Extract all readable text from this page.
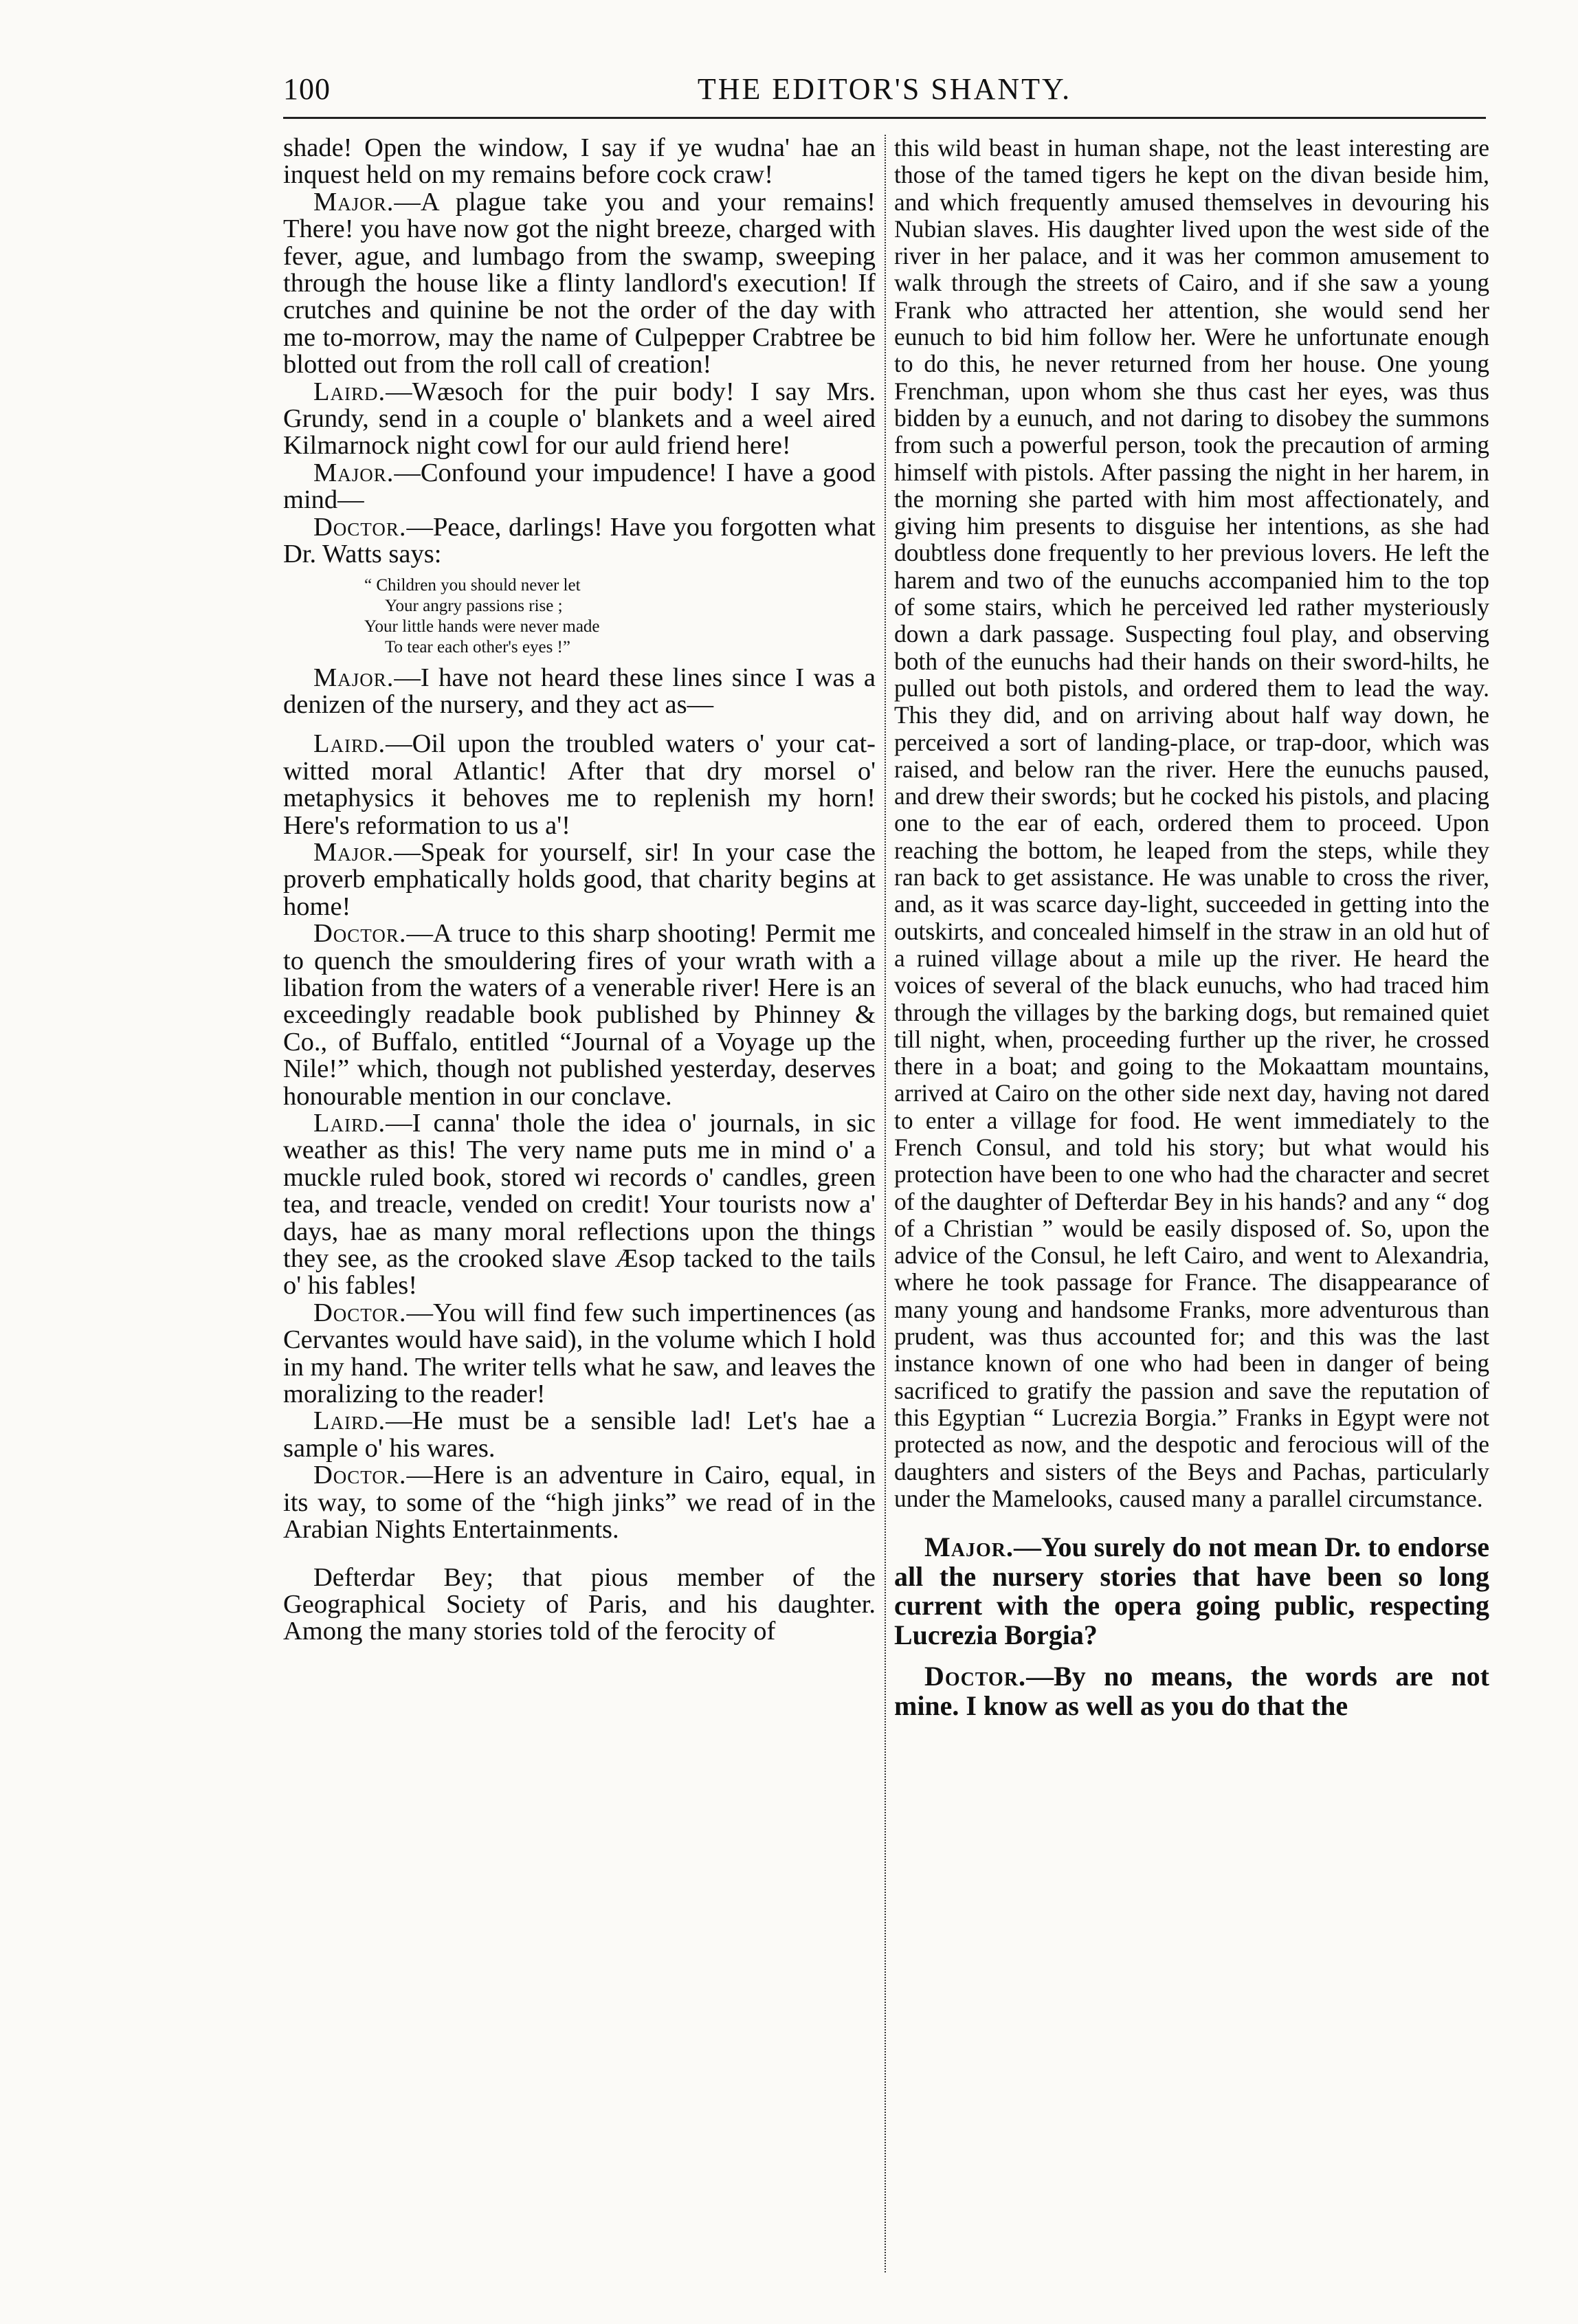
100	THE EDITOR'S SHANTY.

shade! Open the window, I say if ye wudna' hae an inquest held on my remains before cock craw!

Major.—A plague take you and your remains! There! you have now got the night breeze, charged with fever, ague, and lumbago from the swamp, sweeping through the house like a flinty landlord's execution! If crutches and quinine be not the order of the day with me to-morrow, may the name of Culpepper Crabtree be blotted out from the roll call of creation!

Laird.—Wæsoch for the puir body! I say Mrs. Grundy, send in a couple o' blankets and a weel aired Kilmarnock night cowl for our auld friend here!

Major.—Confound your impudence! I have a good mind—

Doctor.—Peace, darlings! Have you forgotten what Dr. Watts says:

“ Children you should never let
Your angry passions rise ;
Your little hands were never made
To tear each other's eyes !”

Major.—I have not heard these lines since I was a denizen of the nursery, and they act as—

Laird.—Oil upon the troubled waters o' your cat-witted moral Atlantic! After that dry morsel o' metaphysics it behoves me to replenish my horn! Here's reformation to us a'!

Major.—Speak for yourself, sir! In your case the proverb emphatically holds good, that charity begins at home!

Doctor.—A truce to this sharp shooting! Permit me to quench the smouldering fires of your wrath with a libation from the waters of a venerable river! Here is an exceedingly readable book published by Phinney & Co., of Buffalo, entitled “Journal of a Voyage up the Nile!” which, though not published yesterday, deserves honourable mention in our conclave.

Laird.—I canna' thole the idea o' journals, in sic weather as this! The very name puts me in mind o' a muckle ruled book, stored wi records o' candles, green tea, and treacle, vended on credit! Your tourists now a' days, hae as many moral reflections upon the things they see, as the crooked slave Æsop tacked to the tails o' his fables!

Doctor.—You will find few such impertinences (as Cervantes would have said), in the volume which I hold in my hand. The writer tells what he saw, and leaves the moralizing to the reader!

Laird.—He must be a sensible lad! Let's hae a sample o' his wares.

Doctor.—Here is an adventure in Cairo, equal, in its way, to some of the “high jinks” we read of in the Arabian Nights Entertainments.

Defterdar Bey; that pious member of the Geographical Society of Paris, and his daughter. Among the many stories told of the ferocity of

this wild beast in human shape, not the least interesting are those of the tamed tigers he kept on the divan beside him, and which frequently amused themselves in devouring his Nubian slaves. His daughter lived upon the west side of the river in her palace, and it was her common amusement to walk through the streets of Cairo, and if she saw a young Frank who attracted her attention, she would send her eunuch to bid him follow her. Were he unfortunate enough to do this, he never returned from her house. One young Frenchman, upon whom she thus cast her eyes, was thus bidden by a eunuch, and not daring to disobey the summons from such a powerful person, took the precaution of arming himself with pistols. After passing the night in her harem, in the morning she parted with him most affectionately, and giving him presents to disguise her intentions, as she had doubtless done frequently to her previous lovers. He left the harem and two of the eunuchs accompanied him to the top of some stairs, which he perceived led rather mysteriously down a dark passage. Suspecting foul play, and observing both of the eunuchs had their hands on their sword-hilts, he pulled out both pistols, and ordered them to lead the way. This they did, and on arriving about half way down, he perceived a sort of landing-place, or trap-door, which was raised, and below ran the river. Here the eunuchs paused, and drew their swords; but he cocked his pistols, and placing one to the ear of each, ordered them to proceed. Upon reaching the bottom, he leaped from the steps, while they ran back to get assistance. He was unable to cross the river, and, as it was scarce day-light, succeeded in getting into the outskirts, and concealed himself in the straw in an old hut of a ruined village about a mile up the river. He heard the voices of several of the black eunuchs, who had traced him through the villages by the barking dogs, but remained quiet till night, when, proceeding further up the river, he crossed there in a boat; and going to the Mokaattam mountains, arrived at Cairo on the other side next day, having not dared to enter a village for food. He went immediately to the French Consul, and told his story; but what would his protection have been to one who had the character and secret of the daughter of Defterdar Bey in his hands? and any “ dog of a Christian ” would be easily disposed of. So, upon the advice of the Consul, he left Cairo, and went to Alexandria, where he took passage for France. The disappearance of many young and handsome Franks, more adventurous than prudent, was thus accounted for; and this was the last instance known of one who had been in danger of being sacrificed to gratify the passion and save the reputation of this Egyptian “ Lucrezia Borgia.” Franks in Egypt were not protected as now, and the despotic and ferocious will of the daughters and sisters of the Beys and Pachas, particularly under the Mamelooks, caused many a parallel circumstance.

Major.—You surely do not mean Dr. to endorse all the nursery stories that have been so long current with the opera going public, respecting Lucrezia Borgia?

Doctor.—By no means, the words are not mine. I know as well as you do that the
